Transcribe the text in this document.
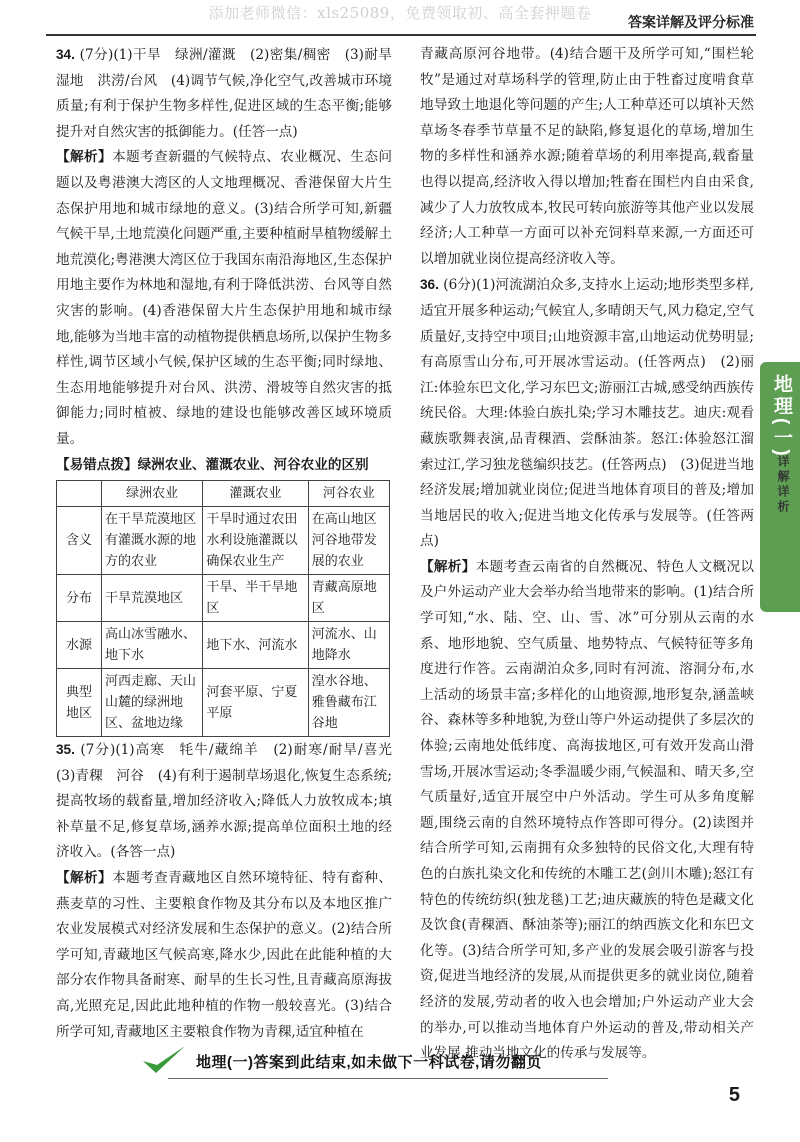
添加老师微信：xls25089，免费领取初、高全套押题卷
答案详解及评分标准

34. (7分)(1)干旱　绿洲/灌溉　(2)密集/稠密　(3)耐旱　湿地　洪涝/台风　(4)调节气候,净化空气,改善城市环境质量;有利于保护生物多样性,促进区域的生态平衡;能够提升对自然灾害的抵御能力。(任答一点)

【解析】本题考查新疆的气候特点、农业概况、生态问题以及粤港澳大湾区的人文地理概况、香港保留大片生态保护用地和城市绿地的意义。(3)结合所学可知,新疆气候干旱,土地荒漠化问题严重,主要种植耐旱植物缓解土地荒漠化;粤港澳大湾区位于我国东南沿海地区,生态保护用地主要作为林地和湿地,有利于降低洪涝、台风等自然灾害的影响。(4)香港保留大片生态保护用地和城市绿地,能够为当地丰富的动植物提供栖息场所,以保护生物多样性,调节区域小气候,保护区域的生态平衡;同时绿地、生态用地能够提升对台风、洪涝、滑坡等自然灾害的抵御能力;同时植被、绿地的建设也能够改善区域环境质量。

【易错点拨】绿洲农业、灌溉农业、河谷农业的区别

	绿洲农业	灌溉农业	河谷农业
含义	在干旱荒漠地区有灌溉水源的地方的农业	干旱时通过农田水利设施灌溉以确保农业生产	在高山地区河谷地带发展的农业
分布	干旱荒漠地区	干旱、半干旱地区	青藏高原地区
水源	高山冰雪融水、地下水	地下水、河流水	河流水、山地降水
典型地区	河西走廊、天山山麓的绿洲地区、盆地边缘	河套平原、宁夏平原	湟水谷地、雅鲁藏布江谷地

35. (7分)(1)高寒　牦牛/藏绵羊　(2)耐寒/耐旱/喜光　(3)青稞　河谷　(4)有利于遏制草场退化,恢复生态系统;提高牧场的载畜量,增加经济收入;降低人力放牧成本;填补草量不足,修复草场,涵养水源;提高单位面积土地的经济收入。(各答一点)

【解析】本题考查青藏地区自然环境特征、特有畜种、燕麦草的习性、主要粮食作物及其分布以及本地区推广农业发展模式对经济发展和生态保护的意义。(2)结合所学可知,青藏地区气候高寒,降水少,因此在此能种植的大部分农作物具备耐寒、耐旱的生长习性,且青藏高原海拔高,光照充足,因此此地种植的作物一般较喜光。(3)结合所学可知,青藏地区主要粮食作物为青稞,适宜种植在

青藏高原河谷地带。(4)结合题干及所学可知,“围栏轮牧”是通过对草场科学的管理,防止由于牲畜过度啃食草地导致土地退化等问题的产生;人工种草还可以填补天然草场冬春季节草量不足的缺陷,修复退化的草场,增加生物的多样性和涵养水源;随着草场的利用率提高,载畜量也得以提高,经济收入得以增加;牲畜在围栏内自由采食,减少了人力放牧成本,牧民可转向旅游等其他产业以发展经济;人工种草一方面可以补充饲料草来源,一方面还可以增加就业岗位提高经济收入等。

36. (6分)(1)河流湖泊众多,支持水上运动;地形类型多样,适宜开展多种运动;气候宜人,多晴朗天气,风力稳定,空气质量好,支持空中项目;山地资源丰富,山地运动优势明显;有高原雪山分布,可开展冰雪运动。(任答两点)　(2)丽江:体验东巴文化,学习东巴文;游丽江古城,感受纳西族传统民俗。大理:体验白族扎染;学习木雕技艺。迪庆:观看藏族歌舞表演,品青稞酒、尝酥油茶。怒江:体验怒江溜索过江,学习独龙毯编织技艺。(任答两点)　(3)促进当地经济发展;增加就业岗位;促进当地体育项目的普及;增加当地居民的收入;促进当地文化传承与发展等。(任答两点)

【解析】本题考查云南省的自然概况、特色人文概况以及户外运动产业大会举办给当地带来的影响。(1)结合所学可知,“水、陆、空、山、雪、冰”可分别从云南的水系、地形地貌、空气质量、地势特点、气候特征等多角度进行作答。云南湖泊众多,同时有河流、溶洞分布,水上活动的场景丰富;多样化的山地资源,地形复杂,涵盖峡谷、森林等多种地貌,为登山等户外运动提供了多层次的体验;云南地处低纬度、高海拔地区,可有效开发高山滑雪场,开展冰雪运动;冬季温暖少雨,气候温和、晴天多,空气质量好,适宜开展空中户外活动。学生可从多角度解题,围绕云南的自然环境特点作答即可得分。(2)读图并结合所学可知,云南拥有众多独特的民俗文化,大理有特色的白族扎染文化和传统的木雕工艺(剑川木雕);怒江有特色的传统纺织(独龙毯)工艺;迪庆藏族的特色是藏文化及饮食(青稞酒、酥油茶等);丽江的纳西族文化和东巴文化等。(3)结合所学可知,多产业的发展会吸引游客与投资,促进当地经济的发展,从而提供更多的就业岗位,随着经济的发展,劳动者的收入也会增加;户外运动产业大会的举办,可以推动当地体育户外运动的普及,带动相关产业发展,推动当地文化的传承与发展等。

地理(一)
详解详析
地理(一)答案到此结束,如未做下一科试卷,请勿翻页
5
